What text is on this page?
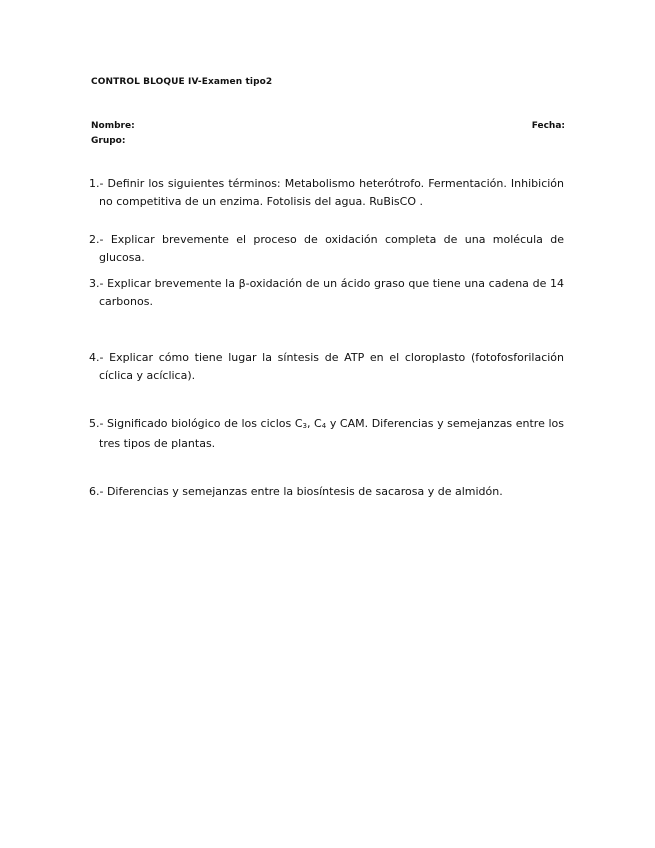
CONTROL BLOQUE IV-Examen tipo2
Nombre:	Fecha:
Grupo:

1.- Definir los siguientes términos: Metabolismo heterótrofo. Fermentación. Inhibición no competitiva de un enzima. Fotolisis del agua. RuBisCO .

2.- Explicar brevemente el proceso de oxidación completa de una molécula de glucosa.

3.- Explicar brevemente la β-oxidación de un ácido graso que tiene una cadena de 14 carbonos.

4.- Explicar cómo tiene lugar la síntesis de ATP en el cloroplasto (fotofosforilación cíclica y acíclica).

5.- Significado biológico de los ciclos $C_3$, $C_4$ y CAM. Diferencias y semejanzas entre los tres tipos de plantas.

6.- Diferencias y semejanzas entre la biosíntesis de sacarosa y de almidón.
